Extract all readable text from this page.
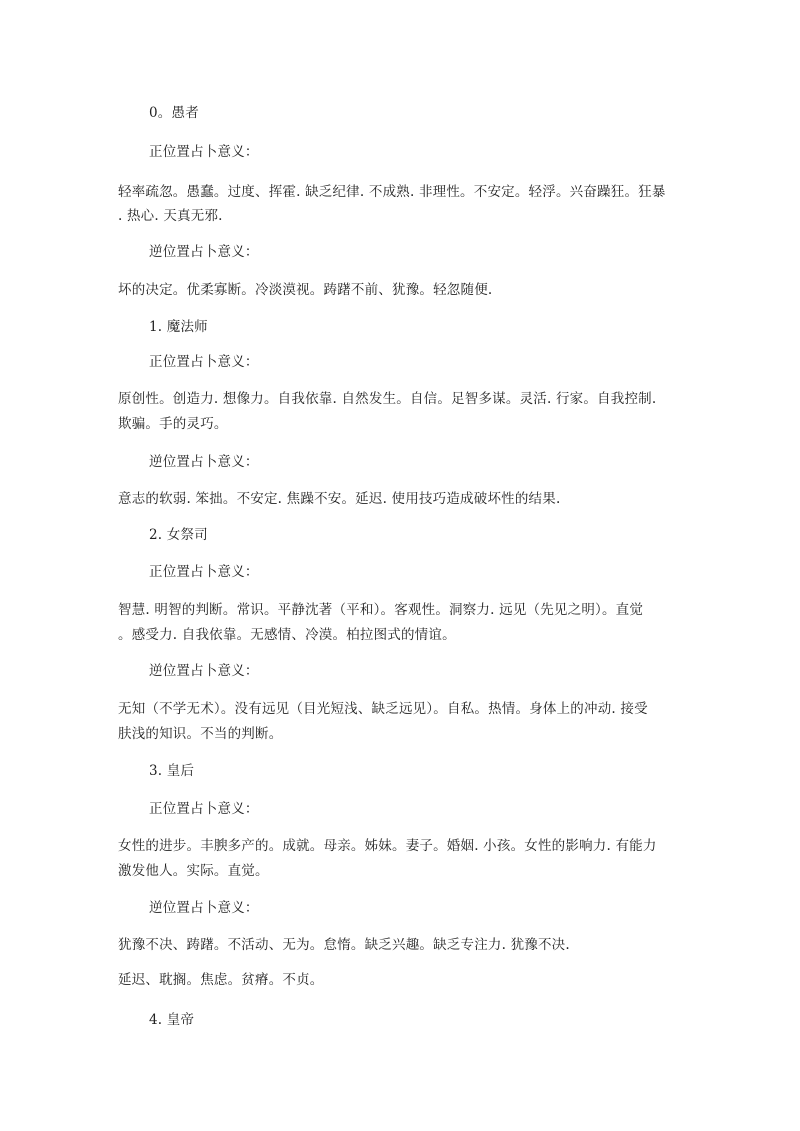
0。愚者
正位置占卜意义：
轻率疏忽。愚蠢。过度、挥霍. 缺乏纪律. 不成熟. 非理性。不安定。轻浮。兴奋躁狂。狂暴
. 热心. 天真无邪.
逆位置占卜意义：
坏的决定。优柔寡断。冷淡漠视。踌躇不前、犹豫。轻忽随便.
1. 魔法师
正位置占卜意义：
原创性。创造力. 想像力。自我依靠. 自然发生。自信。足智多谋。灵活. 行家。自我控制.
欺骗。手的灵巧。
逆位置占卜意义：
意志的软弱. 笨拙。不安定. 焦躁不安。延迟. 使用技巧造成破坏性的结果.
2. 女祭司
正位置占卜意义：
智慧. 明智的判断。常识。平静沈著（平和）。客观性。洞察力. 远见（先见之明）。直觉
。感受力. 自我依靠。无感情、冷漠。柏拉图式的情谊。
逆位置占卜意义：
无知（不学无术）。没有远见（目光短浅、缺乏远见）。自私。热情。身体上的冲动. 接受
肤浅的知识。不当的判断。
3. 皇后
正位置占卜意义：
女性的进步。丰腴多产的。成就。母亲。姊妹。妻子。婚姻. 小孩。女性的影响力. 有能力
激发他人。实际。直觉。
逆位置占卜意义：
犹豫不决、踌躇。不活动、无为。怠惰。缺乏兴趣。缺乏专注力. 犹豫不决.
延迟、耽搁。焦虑。贫瘠。不贞。
4. 皇帝
